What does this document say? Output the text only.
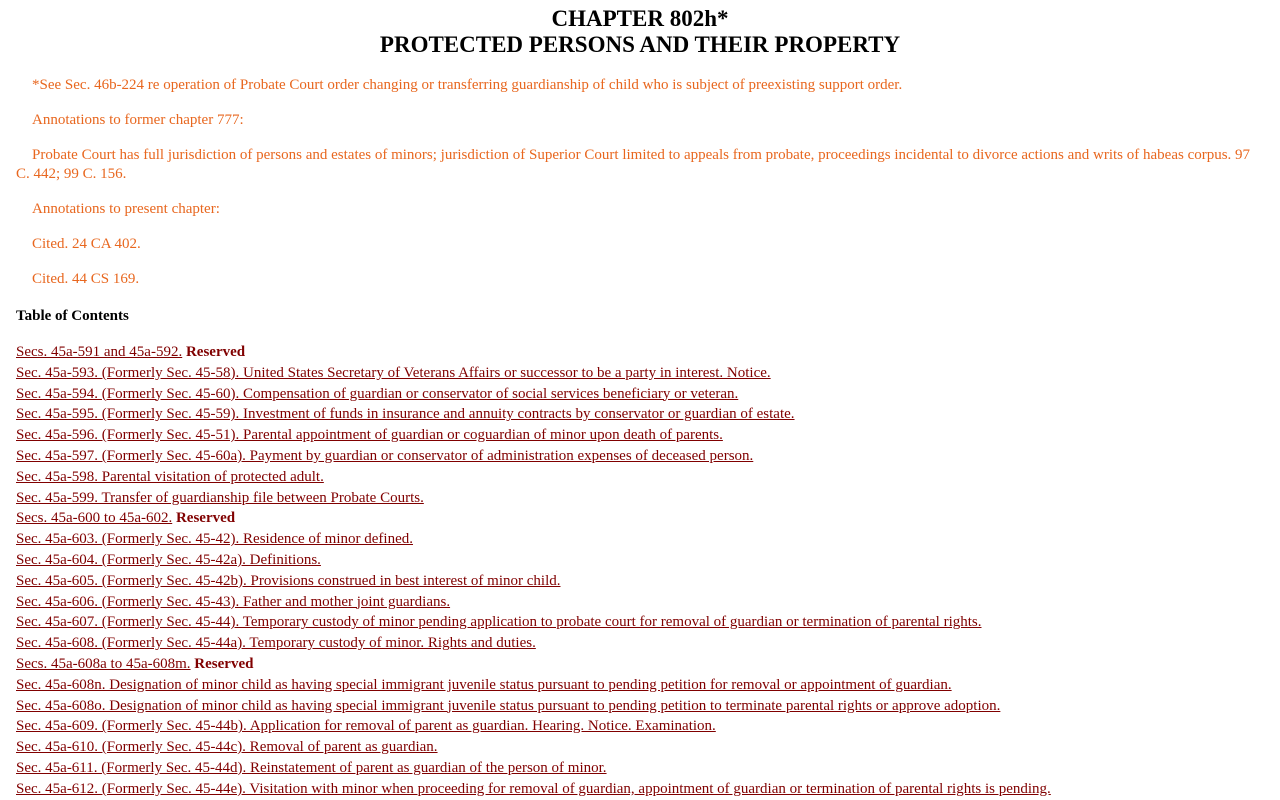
CHAPTER 802h*
PROTECTED PERSONS AND THEIR PROPERTY

*See Sec. 46b-224 re operation of Probate Court order changing or transferring guardianship of child who is subject of preexisting support order.

Annotations to former chapter 777:

Probate Court has full jurisdiction of persons and estates of minors; jurisdiction of Superior Court limited to appeals from probate, proceedings incidental to divorce actions and writs of habeas corpus. 97 C. 442; 99 C. 156.

Annotations to present chapter:

Cited. 24 CA 402.

Cited. 44 CS 169.

Table of Contents
Secs. 45a-591 and 45a-592. Reserved
Sec. 45a-593. (Formerly Sec. 45-58). United States Secretary of Veterans Affairs or successor to be a party in interest. Notice.
Sec. 45a-594. (Formerly Sec. 45-60). Compensation of guardian or conservator of social services beneficiary or veteran.
Sec. 45a-595. (Formerly Sec. 45-59). Investment of funds in insurance and annuity contracts by conservator or guardian of estate.
Sec. 45a-596. (Formerly Sec. 45-51). Parental appointment of guardian or coguardian of minor upon death of parents.
Sec. 45a-597. (Formerly Sec. 45-60a). Payment by guardian or conservator of administration expenses of deceased person.
Sec. 45a-598. Parental visitation of protected adult.
Sec. 45a-599. Transfer of guardianship file between Probate Courts.
Secs. 45a-600 to 45a-602. Reserved
Sec. 45a-603. (Formerly Sec. 45-42). Residence of minor defined.
Sec. 45a-604. (Formerly Sec. 45-42a). Definitions.
Sec. 45a-605. (Formerly Sec. 45-42b). Provisions construed in best interest of minor child.
Sec. 45a-606. (Formerly Sec. 45-43). Father and mother joint guardians.
Sec. 45a-607. (Formerly Sec. 45-44). Temporary custody of minor pending application to probate court for removal of guardian or termination of parental rights.
Sec. 45a-608. (Formerly Sec. 45-44a). Temporary custody of minor. Rights and duties.
Secs. 45a-608a to 45a-608m. Reserved
Sec. 45a-608n. Designation of minor child as having special immigrant juvenile status pursuant to pending petition for removal or appointment of guardian.
Sec. 45a-608o. Designation of minor child as having special immigrant juvenile status pursuant to pending petition to terminate parental rights or approve adoption.
Sec. 45a-609. (Formerly Sec. 45-44b). Application for removal of parent as guardian. Hearing. Notice. Examination.
Sec. 45a-610. (Formerly Sec. 45-44c). Removal of parent as guardian.
Sec. 45a-611. (Formerly Sec. 45-44d). Reinstatement of parent as guardian of the person of minor.
Sec. 45a-612. (Formerly Sec. 45-44e). Visitation with minor when proceeding for removal of guardian, appointment of guardian or termination of parental rights is pending.
